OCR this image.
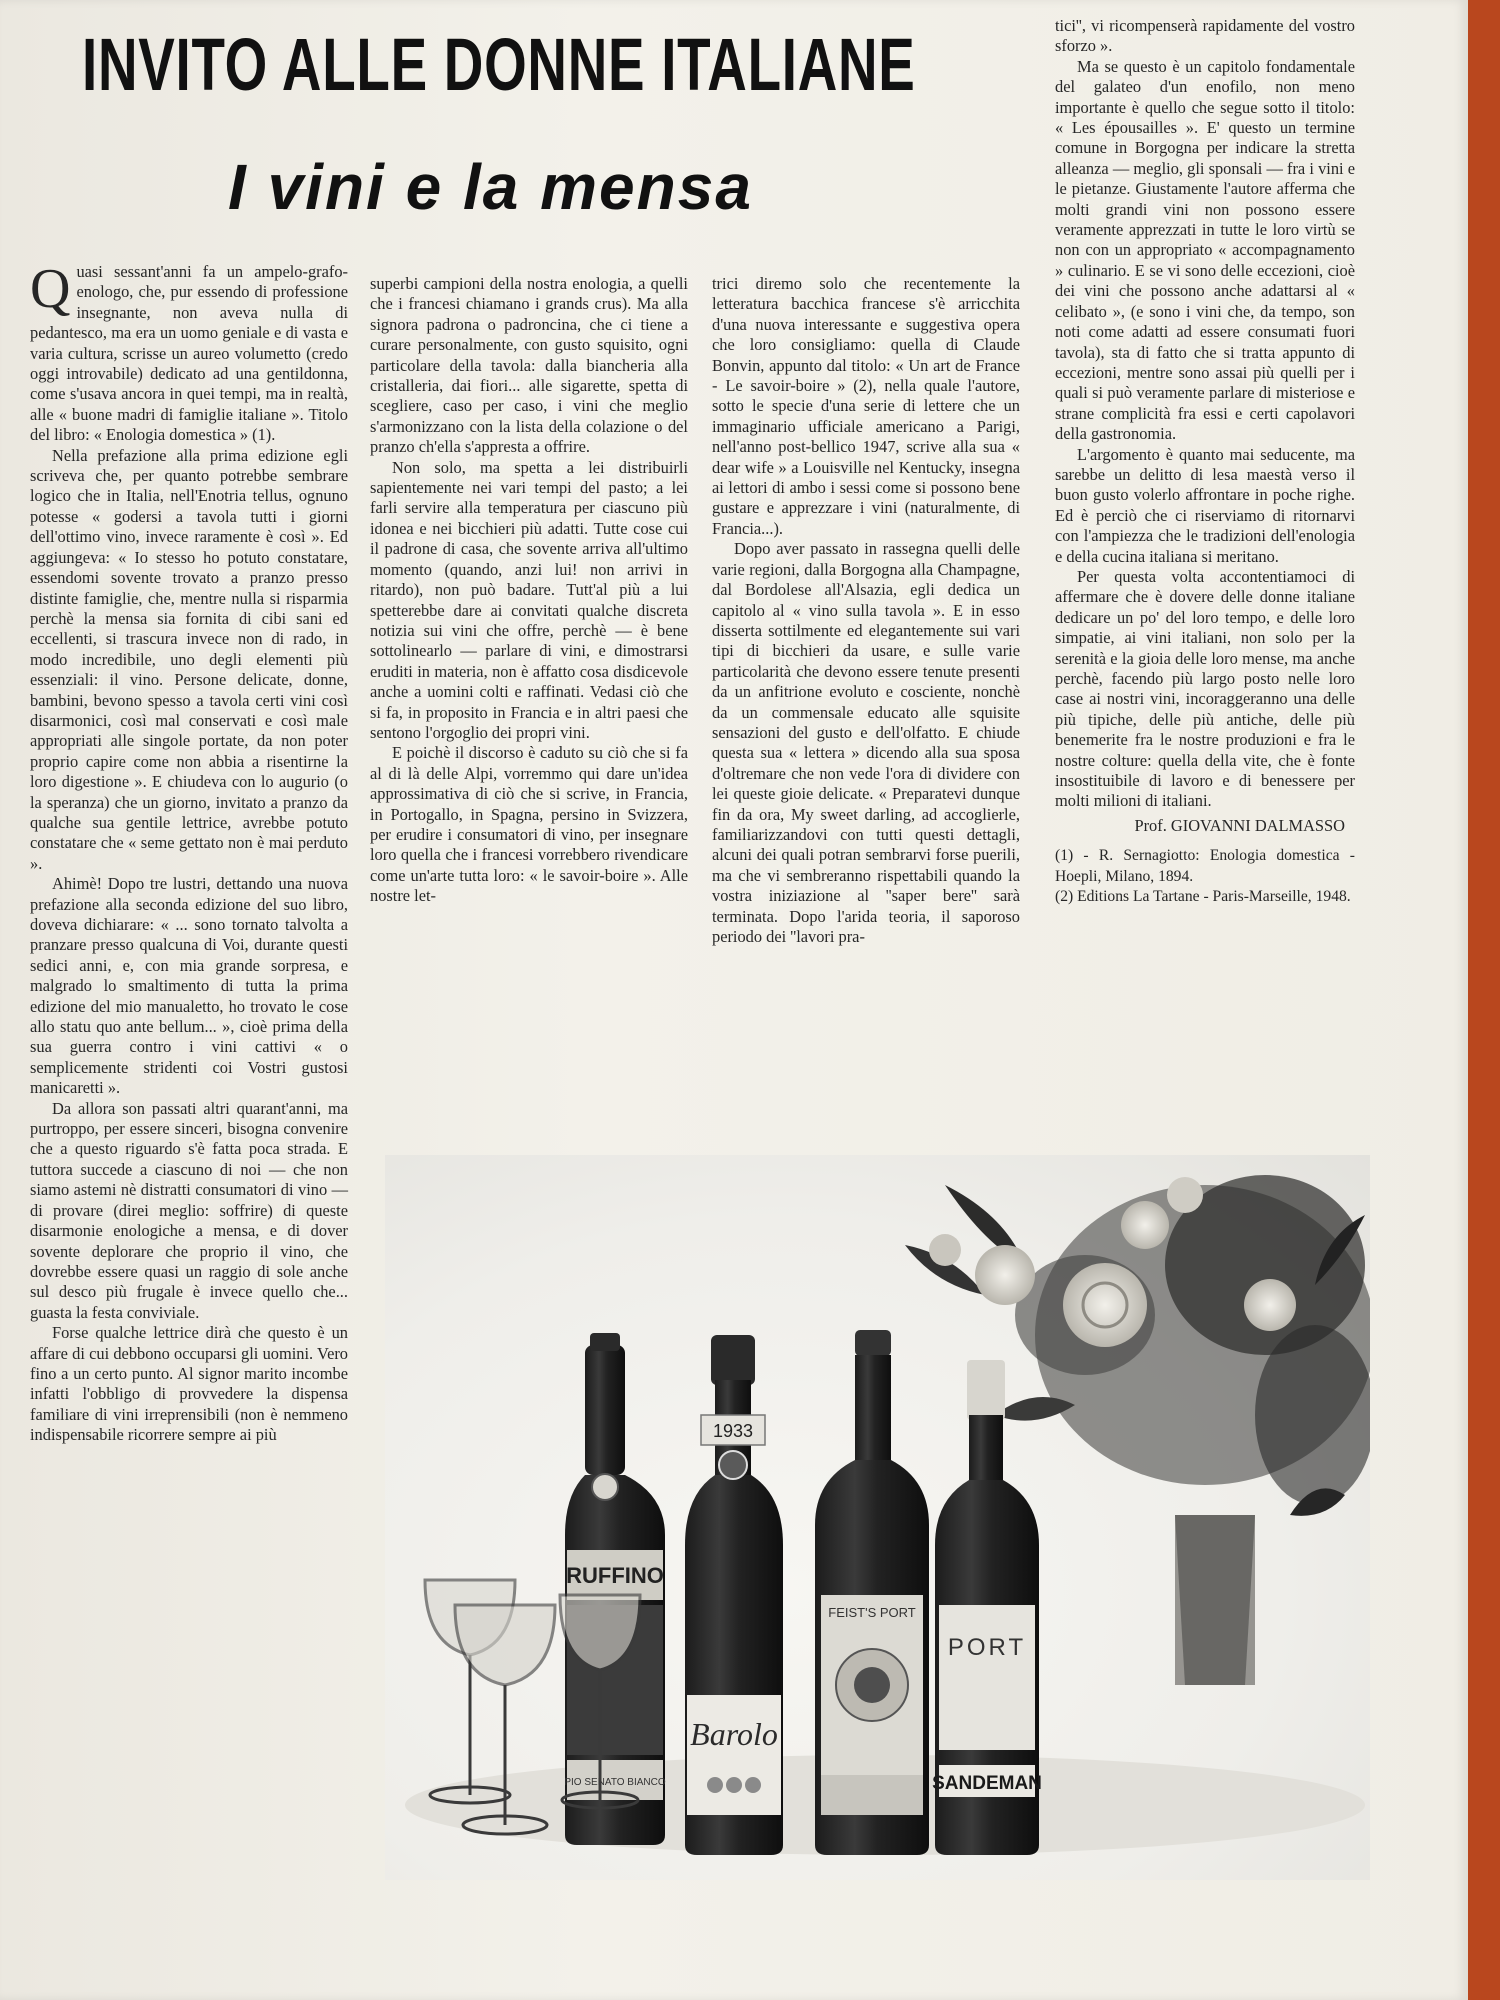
INVITO ALLE DONNE ITALIANE
I vini e la mensa

Quasi sessant'anni fa un ampelo-grafo-enologo, che, pur essendo di professione insegnante, non aveva nulla di pedantesco, ma era un uomo geniale e di vasta e varia cultura, scrisse un aureo volumetto (credo oggi introvabile) dedicato ad una gentildonna, come s'usava ancora in quei tempi, ma in realtà, alle « buone madri di famiglie italiane ». Titolo del libro: « Enologia domestica » (1).

Nella prefazione alla prima edizione egli scriveva che, per quanto potrebbe sembrare logico che in Italia, nell'Enotria tellus, ognuno potesse « godersi a tavola tutti i giorni dell'ottimo vino, invece raramente è così ». Ed aggiungeva: « Io stesso ho potuto constatare, essendomi sovente trovato a pranzo presso distinte famiglie, che, mentre nulla si risparmia perchè la mensa sia fornita di cibi sani ed eccellenti, si trascura invece non di rado, in modo incredibile, uno degli elementi più essenziali: il vino. Persone delicate, donne, bambini, bevono spesso a tavola certi vini così disarmonici, così mal conservati e così male appropriati alle singole portate, da non poter proprio capire come non abbia a risentirne la loro digestione ». E chiudeva con lo augurio (o la speranza) che un giorno, invitato a pranzo da qualche sua gentile lettrice, avrebbe potuto constatare che « seme gettato non è mai perduto ».

Ahimè! Dopo tre lustri, dettando una nuova prefazione alla seconda edizione del suo libro, doveva dichiarare: « ... sono tornato talvolta a pranzare presso qualcuna di Voi, durante questi sedici anni, e, con mia grande sorpresa, e malgrado lo smaltimento di tutta la prima edizione del mio manualetto, ho trovato le cose allo statu quo ante bellum... », cioè prima della sua guerra contro i vini cattivi « o semplicemente stridenti coi Vostri gustosi manicaretti ».

Da allora son passati altri quarant'anni, ma purtroppo, per essere sinceri, bisogna convenire che a questo riguardo s'è fatta poca strada. E tuttora succede a ciascuno di noi — che non siamo astemi nè distratti consumatori di vino — di provare (direi meglio: soffrire) di queste disarmonie enologiche a mensa, e di dover sovente deplorare che proprio il vino, che dovrebbe essere quasi un raggio di sole anche sul desco più frugale è invece quello che... guasta la festa conviviale.

Forse qualche lettrice dirà che questo è un affare di cui debbono occuparsi gli uomini. Vero fino a un certo punto. Al signor marito incombe infatti l'obbligo di provvedere la dispensa familiare di vini irreprensibili (non è nemmeno indispensabile ricorrere sempre ai più

superbi campioni della nostra enologia, a quelli che i francesi chiamano i grands crus). Ma alla signora padrona o padroncina, che ci tiene a curare personalmente, con gusto squisito, ogni particolare della tavola: dalla biancheria alla cristalleria, dai fiori... alle sigarette, spetta di scegliere, caso per caso, i vini che meglio s'armonizzano con la lista della colazione o del pranzo ch'ella s'appresta a offrire.

Non solo, ma spetta a lei distribuirli sapientemente nei vari tempi del pasto; a lei farli servire alla temperatura per ciascuno più idonea e nei bicchieri più adatti. Tutte cose cui il padrone di casa, che sovente arriva all'ultimo momento (quando, anzi lui! non arrivi in ritardo), non può badare. Tutt'al più a lui spetterebbe dare ai convitati qualche discreta notizia sui vini che offre, perchè — è bene sottolinearlo — parlare di vini, e dimostrarsi eruditi in materia, non è affatto cosa disdicevole anche a uomini colti e raffinati. Vedasi ciò che si fa, in proposito in Francia e in altri paesi che sentono l'orgoglio dei propri vini.

E poichè il discorso è caduto su ciò che si fa al di là delle Alpi, vorremmo qui dare un'idea approssimativa di ciò che si scrive, in Francia, in Portogallo, in Spagna, persino in Svizzera, per erudire i consumatori di vino, per insegnare loro quella che i francesi vorrebbero rivendicare come un'arte tutta loro: « le savoir-boire ». Alle nostre let-

trici diremo solo che recentemente la letteratura bacchica francese s'è arricchita d'una nuova interessante e suggestiva opera che loro consigliamo: quella di Claude Bonvin, appunto dal titolo: « Un art de France - Le savoir-boire » (2), nella quale l'autore, sotto le specie d'una serie di lettere che un immaginario ufficiale americano a Parigi, nell'anno post-bellico 1947, scrive alla sua « dear wife » a Louisville nel Kentucky, insegna ai lettori di ambo i sessi come si possono bene gustare e apprezzare i vini (naturalmente, di Francia...).

Dopo aver passato in rassegna quelli delle varie regioni, dalla Borgogna alla Champagne, dal Bordolese all'Alsazia, egli dedica un capitolo al « vino sulla tavola ». E in esso disserta sottilmente ed elegantemente sui vari tipi di bicchieri da usare, e sulle varie particolarità che devono essere tenute presenti da un anfitrione evoluto e cosciente, nonchè da un commensale educato alle squisite sensazioni del gusto e dell'olfatto. E chiude questa sua « lettera » dicendo alla sua sposa d'oltremare che non vede l'ora di dividere con lei queste gioie delicate. « Preparatevi dunque fin da ora, My sweet darling, ad accoglierle, familiarizzandovi con tutti questi dettagli, alcuni dei quali potran sembrarvi forse puerili, ma che vi sembreranno rispettabili quando la vostra iniziazione al ''saper bere'' sarà terminata. Dopo l'arida teoria, il saporoso periodo dei ''lavori pra-

tici'', vi ricompenserà rapidamente del vostro sforzo ».

Ma se questo è un capitolo fondamentale del galateo d'un enofilo, non meno importante è quello che segue sotto il titolo: « Les épousailles ». E' questo un termine comune in Borgogna per indicare la stretta alleanza — meglio, gli sponsali — fra i vini e le pietanze. Giustamente l'autore afferma che molti grandi vini non possono essere veramente apprezzati in tutte le loro virtù se non con un appropriato « accompagnamento » culinario. E se vi sono delle eccezioni, cioè dei vini che possono anche adattarsi al « celibato », (e sono i vini che, da tempo, son noti come adatti ad essere consumati fuori tavola), sta di fatto che si tratta appunto di eccezioni, mentre sono assai più quelli per i quali si può veramente parlare di misteriose e strane complicità fra essi e certi capolavori della gastronomia.

L'argomento è quanto mai seducente, ma sarebbe un delitto di lesa maestà verso il buon gusto volerlo affrontare in poche righe. Ed è perciò che ci riserviamo di ritornarvi con l'ampiezza che le tradizioni dell'enologia e della cucina italiana si meritano.

Per questa volta accontentiamoci di affermare che è dovere delle donne italiane dedicare un po' del loro tempo, e delle loro simpatie, ai vini italiani, non solo per la serenità e la gioia delle loro mense, ma anche perchè, facendo più largo posto nelle loro case ai nostri vini, incoraggeranno una delle più tipiche, delle più antiche, delle più benemerite fra le nostre produzioni e fra le nostre colture: quella della vite, che è fonte insostituibile di lavoro e di benessere per molti milioni di italiani.

Prof. GIOVANNI DALMASSO

(1) - R. Sernagiotto: Enologia domestica - Hoepli, Milano, 1894.

(2) Editions La Tartane - Paris-Marseille, 1948.

RUFFINO
PIO SENATO BIANCO
1933
Barolo
FEIST'S PORT
PORT
SANDEMAN
